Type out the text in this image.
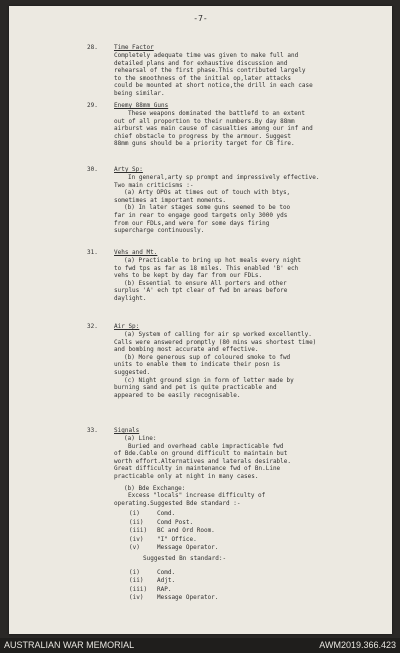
-7-
28.	Time Factor
Completely adequate time was given to make full and
detailed plans and for exhaustive discussion and
rehearsal of the first phase.This contributed largely
to the smoothness of the initial op,later attacks
could be mounted at short notice,the drill in each case
being similar.
29.	Enemy 88mm Guns
These weapons dominated the battlefd to an extent
out of all proportion to their numbers.By day 88mm
airburst was main cause of casualties among our inf and
chief obstacle to progress by the armour. Suggest
88mm guns should be a priority target for CB fire.
30.	Arty Sp:
In general,arty sp prompt and impressively effective.
Two main criticisms :-
(a) Arty OPOs at times out of touch with btys,
sometimes at important moments.
(b) In later stages some guns seemed to be too
far in rear to engage good targets only 3000 yds
from our FDLs,and were for some days firing
supercharge continuously.
31.	Vehs and Mt.
(a) Practicable to bring up hot meals every night
to fwd tps as far as 18 miles. This enabled 'B' ech
vehs to be kept by day far from our FDLs.
(b) Essential to ensure All porters and other
surplus 'A' ech tpt clear of fwd bn areas before
daylight.
32.	Air Sp:
(a) System of calling for air sp worked excellently.
Calls were answered promptly (80 mins was shortest time)
and bombing most accurate and effective.
(b) More generous sup of coloured smoke to fwd
units to enable them to indicate their posn is
suggested.
(c) Night ground sign in form of letter made by
burning sand and pet is quite practicable and
appeared to be easily recognisable.
33.	Signals
(a) Line:
Buried and overhead cable impracticable fwd
of Bde.Cable on ground difficult to maintain but
worth effort.Alternatives and laterals desirable.
Great difficulty in maintenance fwd of Bn.Line
practicable only at night in many cases.
(b) Bde Exchange:
Excess "locals" increase difficulty of
operating.Suggested Bde standard :-
(i)	Comd.
(ii)	Comd Post.
(iii)	BC and Ord Room.
(iv)	"I" Office.
(v)	Message Operator.
Suggested Bn standard:-
(i)	Comd.
(ii)	Adjt.
(iii)	RAP.
(iv)	Message Operator.
AUSTRALIAN WAR MEMORIAL	AWM2019.366.423
